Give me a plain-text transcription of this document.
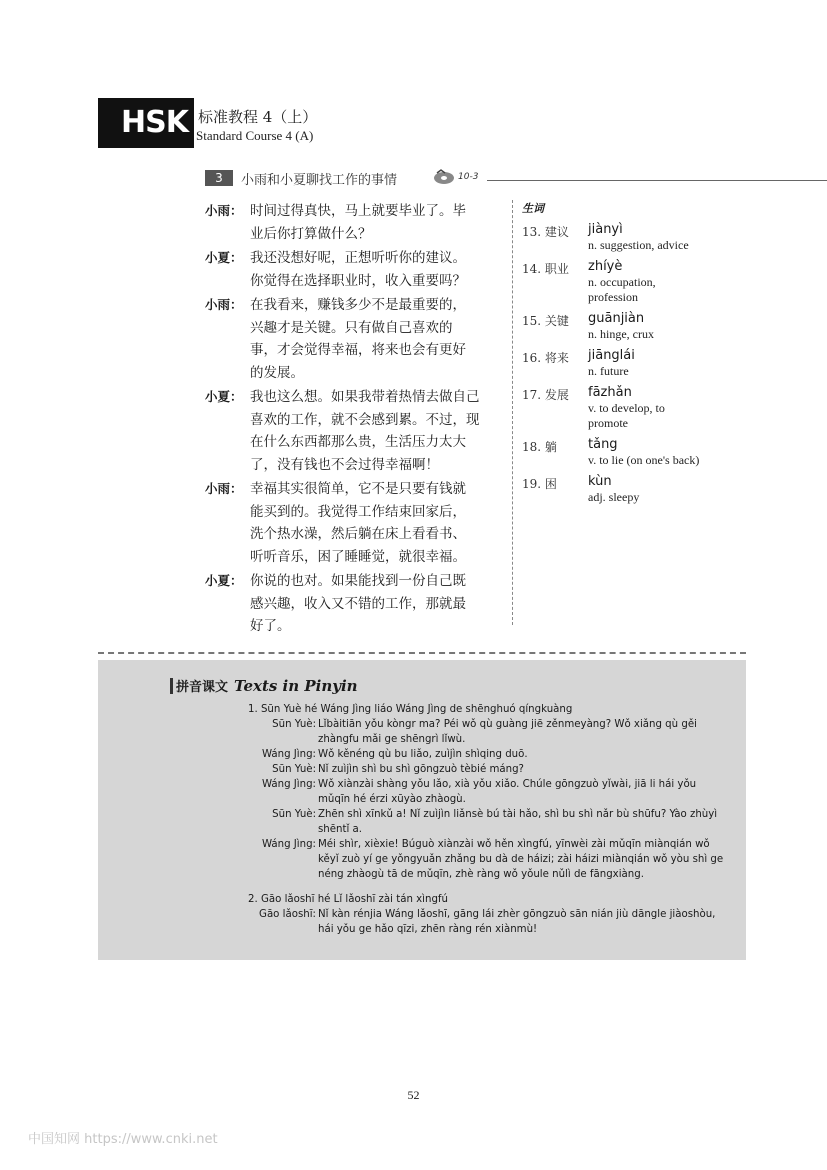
HSK 标准教程 4（上）
Standard Course 4 (A)
3	小雨和小夏聊找工作的事情	10-3
小雨： 时间过得真快，马上就要毕业了。毕
业后你打算做什么？
小夏： 我还没想好呢，正想听听你的建议。
你觉得在选择职业时，收入重要吗？
小雨： 在我看来，赚钱多少不是最重要的，
兴趣才是关键。只有做自己喜欢的
事，才会觉得幸福，将来也会有更好
的发展。
小夏： 我也这么想。如果我带着热情去做自己
喜欢的工作，就不会感到累。不过，现
在什么东西都那么贵，生活压力太大
了，没有钱也不会过得幸福啊！
小雨： 幸福其实很简单，它不是只要有钱就
能买到的。我觉得工作结束回家后，
洗个热水澡，然后躺在床上看看书、
听听音乐，困了睡睡觉，就很幸福。
小夏： 你说的也对。如果能找到一份自己既
感兴趣，收入又不错的工作，那就最
好了。
生词
13. 建议 jiànyì
n. suggestion, advice
14. 职业 zhíyè
n. occupation,
profession
15. 关键 guānjiàn
n. hinge, crux
16. 将来 jiānglái
n. future
17. 发展 fāzhǎn
v. to develop, to
promote
18. 躺 tǎng
v. to lie (on one's back)
19. 困 kùn
adj. sleepy
拼音课文 Texts in Pinyin
1. Sūn Yuè hé Wáng Jìng liáo Wáng Jìng de shēnghuó qíngkuàng
Sūn Yuè: Lǐbàitiān yǒu kòngr ma? Péi wǒ qù guàng jiē zěnmeyàng? Wǒ xiǎng qù gěi
zhàngfu mǎi ge shēngrì lǐwù.
Wáng Jìng: Wǒ kěnéng qù bu liǎo, zuìjìn shìqing duō.
Sūn Yuè: Nǐ zuìjìn shì bu shì gōngzuò tèbié máng?
Wáng Jìng: Wǒ xiànzài shàng yǒu lǎo, xià yǒu xiǎo. Chúle gōngzuò yǐwài, jiā li hái yǒu
mǔqīn hé érzi xūyào zhàogù.
Sūn Yuè: Zhēn shì xīnkǔ a! Nǐ zuìjìn liǎnsè bú tài hǎo, shì bu shì nǎr bù shūfu? Yào zhùyì
shēntǐ a.
Wáng Jìng: Méi shìr, xièxie! Búguò xiànzài wǒ hěn xìngfú, yīnwèi zài mǔqīn miànqián wǒ
kěyǐ zuò yí ge yǒngyuǎn zhǎng bu dà de háizi; zài háizi miànqián wǒ yòu shì ge
néng zhàogù tā de mǔqīn, zhè ràng wǒ yǒule nǔlì de fāngxiàng.
2. Gāo lǎoshī hé Lǐ lǎoshī zài tán xìngfú
Gāo lǎoshī: Nǐ kàn rénjia Wáng lǎoshī, gāng lái zhèr gōngzuò sān nián jiù dāngle jiàoshòu,
hái yǒu ge hǎo qīzi, zhēn ràng rén xiànmù!
52
中国知网 https://www.cnki.net
